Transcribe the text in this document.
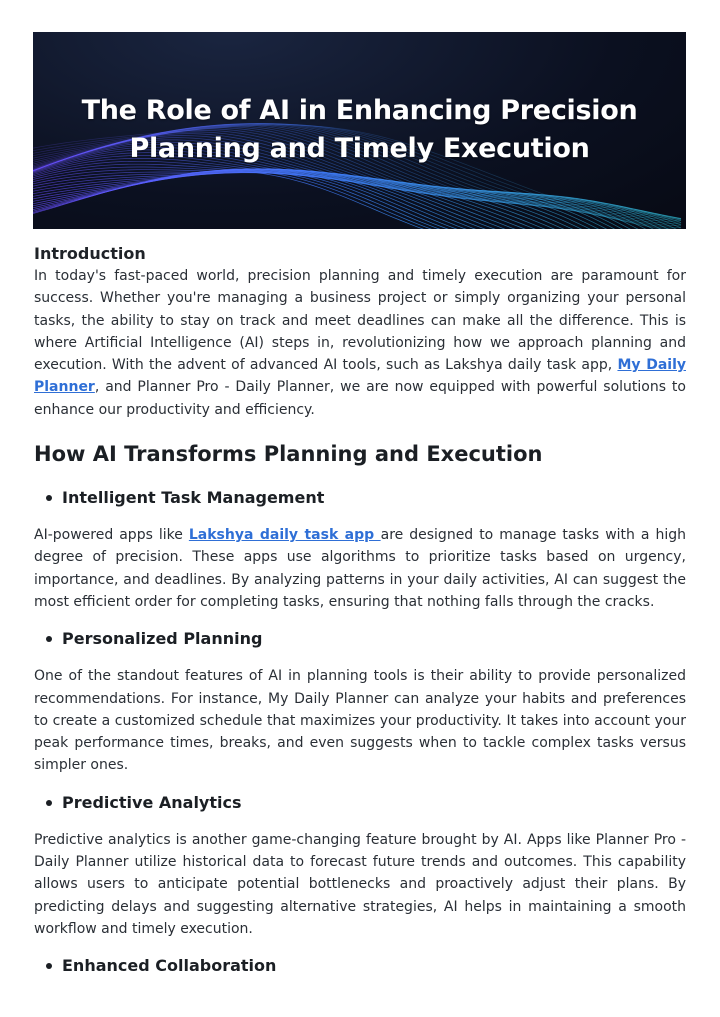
The Role of AI in Enhancing Precision
Planning and Timely Execution
Introduction

In today's fast-paced world, precision planning and timely execution are paramount for success. Whether you're managing a business project or simply organizing your personal tasks, the ability to stay on track and meet deadlines can make all the difference. This is where Artificial Intelligence (AI) steps in, revolutionizing how we approach planning and execution. With the advent of advanced AI tools, such as Lakshya daily task app, My Daily Planner, and Planner Pro - Daily Planner, we are now equipped with powerful solutions to enhance our productivity and efficiency.

How AI Transforms Planning and Execution
Intelligent Task Management

AI-powered apps like Lakshya daily task app are designed to manage tasks with a high degree of precision. These apps use algorithms to prioritize tasks based on urgency, importance, and deadlines. By analyzing patterns in your daily activities, AI can suggest the most efficient order for completing tasks, ensuring that nothing falls through the cracks.

Personalized Planning

One of the standout features of AI in planning tools is their ability to provide personalized recommendations. For instance, My Daily Planner can analyze your habits and preferences to create a customized schedule that maximizes your productivity. It takes into account your peak performance times, breaks, and even suggests when to tackle complex tasks versus simpler ones.

Predictive Analytics

Predictive analytics is another game-changing feature brought by AI. Apps like Planner Pro - Daily Planner utilize historical data to forecast future trends and outcomes. This capability allows users to anticipate potential bottlenecks and proactively adjust their plans. By predicting delays and suggesting alternative strategies, AI helps in maintaining a smooth workflow and timely execution.

Enhanced Collaboration
